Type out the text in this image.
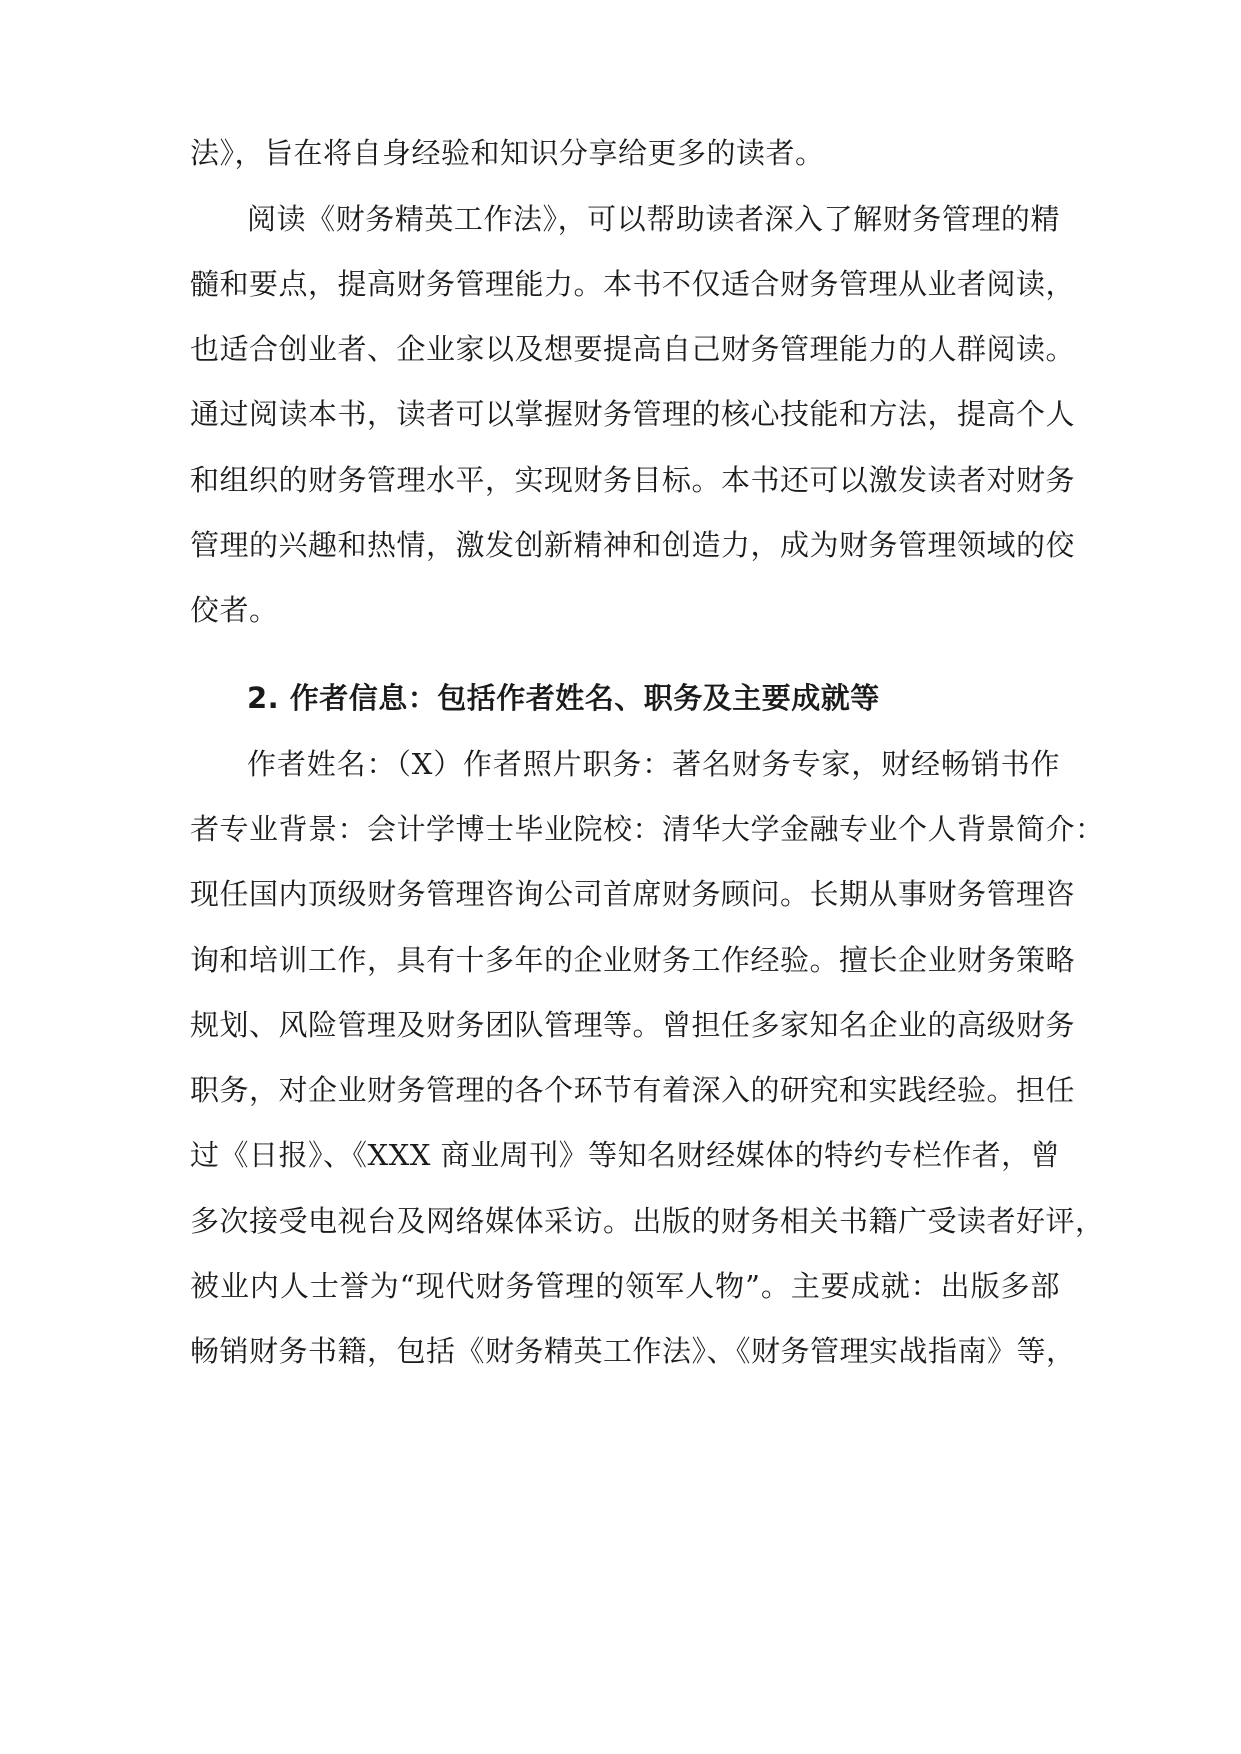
法》，旨在将自身经验和知识分享给更多的读者。
阅读《财务精英工作法》，可以帮助读者深入了解财务管理的精
髓和要点，提高财务管理能力。本书不仅适合财务管理从业者阅读，
也适合创业者、企业家以及想要提高自己财务管理能力的人群阅读。
通过阅读本书，读者可以掌握财务管理的核心技能和方法，提高个人
和组织的财务管理水平，实现财务目标。本书还可以激发读者对财务
管理的兴趣和热情，激发创新精神和创造力，成为财务管理领域的佼
佼者。
2. 作者信息：包括作者姓名、职务及主要成就等
作者姓名：（X）作者照片职务：著名财务专家，财经畅销书作
者专业背景：会计学博士毕业院校：清华大学金融专业个人背景简介：
现任国内顶级财务管理咨询公司首席财务顾问。长期从事财务管理咨
询和培训工作，具有十多年的企业财务工作经验。擅长企业财务策略
规划、风险管理及财务团队管理等。曾担任多家知名企业的高级财务
职务，对企业财务管理的各个环节有着深入的研究和实践经验。担任
过《日报》、《XXX 商业周刊》等知名财经媒体的特约专栏作者，曾
多次接受电视台及网络媒体采访。出版的财务相关书籍广受读者好评，
被业内人士誉为“现代财务管理的领军人物”。主要成就：出版多部
畅销财务书籍，包括《财务精英工作法》、《财务管理实战指南》等，
